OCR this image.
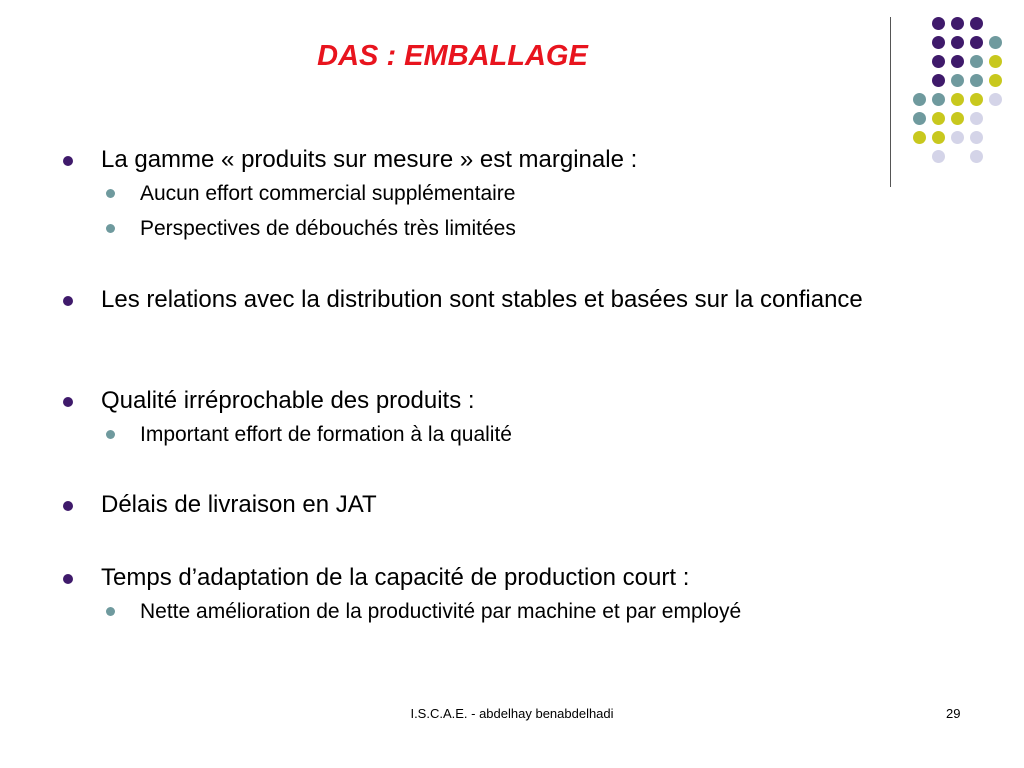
DAS : EMBALLAGE
La gamme « produits sur mesure » est marginale :
Aucun effort commercial supplémentaire
Perspectives de débouchés très limitées
Les relations avec la distribution sont stables et basées sur la confiance
Qualité irréprochable des produits :
Important effort de formation à la qualité
Délais de livraison en JAT
Temps d’adaptation de la capacité de production court :
Nette amélioration de la productivité par machine et par employé
I.S.C.A.E. - abdelhay benabdelhadi	29
